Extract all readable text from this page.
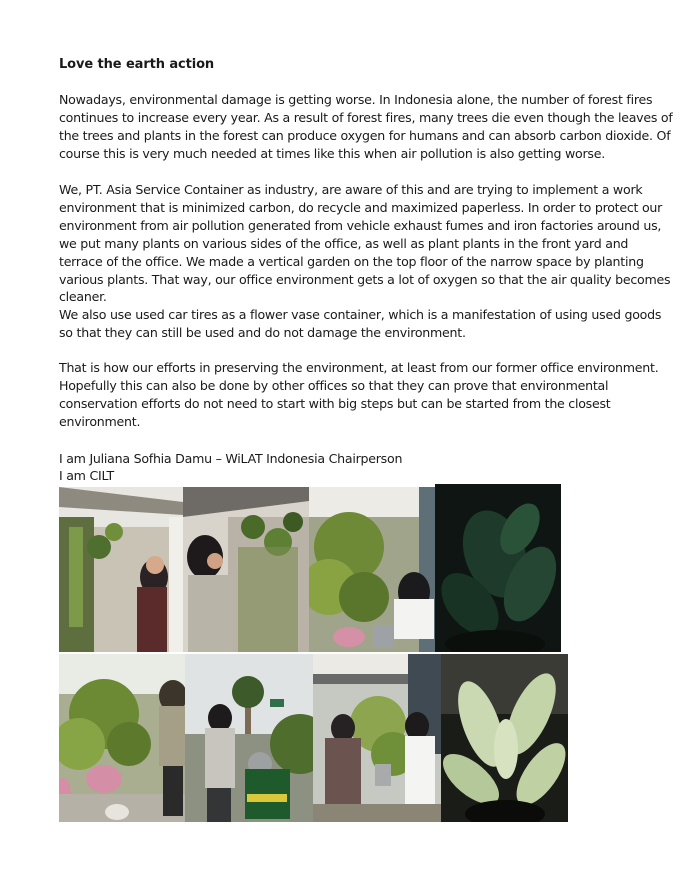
Love the earth action
Nowadays, environmental damage is getting worse. In Indonesia alone, the number of forest fires
continues to increase every year. As a result of forest fires, many trees die even though the leaves of
the trees and plants in the forest can produce oxygen for humans and can absorb carbon dioxide. Of
course this is very much needed at times like this when air pollution is also getting worse.
We, PT. Asia Service Container as industry, are aware of this and are trying to implement a work
environment that is minimized carbon, do recycle and maximized paperless. In order to protect our
environment from air pollution generated from vehicle exhaust fumes and iron factories around us,
we put many plants on various sides of the office, as well as plant plants in the front yard and
terrace of the office. We made a vertical garden on the top floor of the narrow space by planting
various plants. That way, our office environment gets a lot of oxygen so that the air quality becomes
cleaner.
We also use used car tires as a flower vase container, which is a manifestation of using used goods
so that they can still be used and do not damage the environment.
That is how our efforts in preserving the environment, at least from our former office environment.
Hopefully this can also be done by other offices so that they can prove that environmental
conservation efforts do not need to start with big steps but can be started from the closest
environment.
I am Juliana Sofhia Damu – WiLAT Indonesia Chairperson
I am CILT
